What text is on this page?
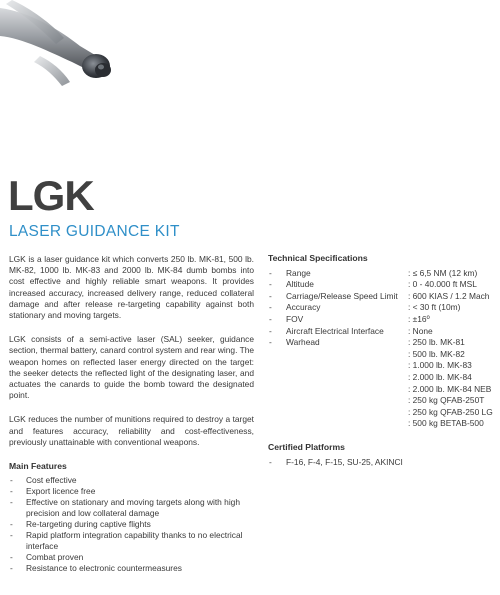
LGK
LASER GUIDANCE KIT

LGK is a laser guidance kit which converts 250 lb. MK-81, 500 lb. MK-82, 1000 lb. MK-83 and 2000 lb. MK-84 dumb bombs into cost effective and highly reliable smart weapons. It provides increased accuracy, increased delivery range, reduced collateral damage and after release re-targeting capability against both stationary and moving targets.

LGK consists of a semi-active laser (SAL) seeker, guidance section, thermal battery, canard control system and rear wing. The weapon homes on reflected laser energy directed on the target: the seeker detects the reflected light of the designating laser, and actuates the canards to guide the bomb toward the designated point.

LGK reduces the number of munitions required to destroy a target and features accuracy, reliability and cost-effectiveness, previously unattainable with conventional weapons.

Main Features
- Cost effective
- Export licence free
- Effective on stationary and moving targets along with high precision and low collateral damage
- Re-targeting during captive flights
- Rapid platform integration capability thanks to no electrical interface
- Combat proven
- Resistance to electronic countermeasures
Technical Specifications
- Range	: ≤ 6,5 NM (12 km)
- Altitude	: 0 - 40.000 ft MSL
- Carriage/Release Speed Limit : 600 KIAS / 1.2 Mach
- Accuracy	: < 30 ft (10m)
- FOV	: ±16º
- Aircraft Electrical Interface	: None
- Warhead	: 250 lb. MK-81
: 500 lb. MK-82
: 1.000 lb. MK-83
: 2.000 lb. MK-84
: 2.000 lb. MK-84 NEB
: 250 kg QFAB-250T
: 250 kg QFAB-250 LG
: 500 kg BETAB-500
Certified Platforms
- F-16, F-4, F-15, SU-25, AKINCI
